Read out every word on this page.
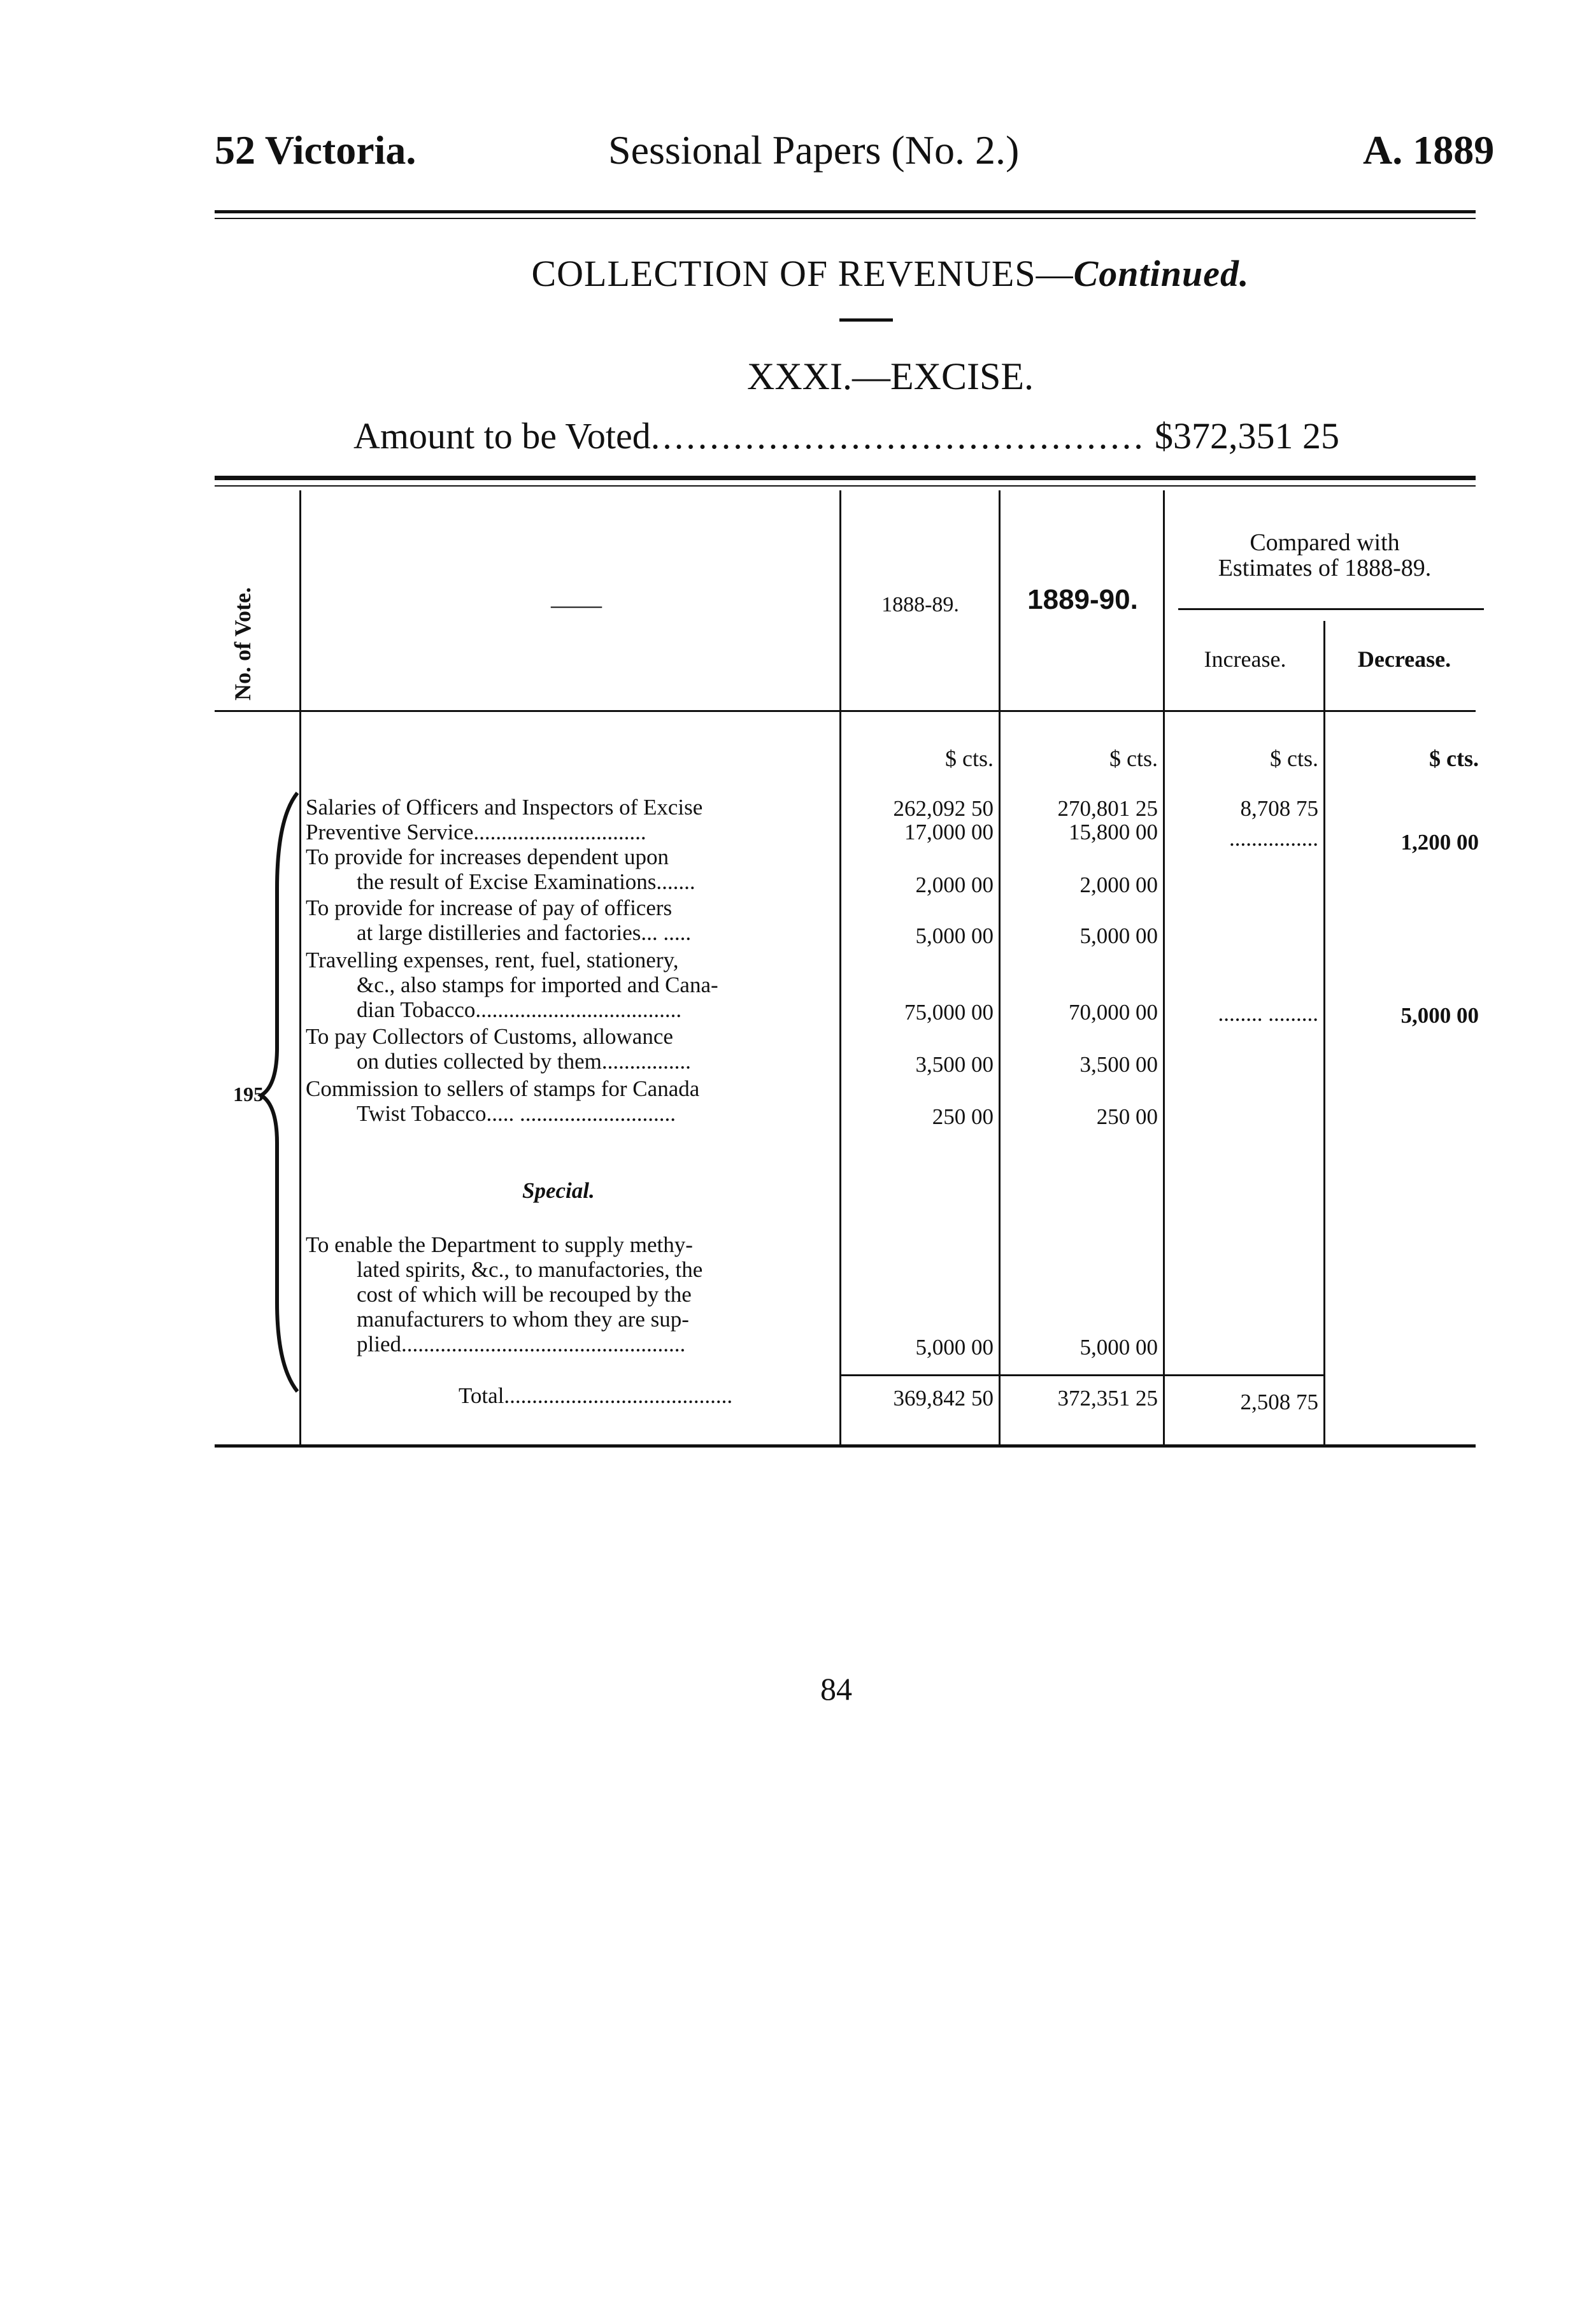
52 Victoria.	Sessional Papers (No. 2.)	A. 1889
COLLECTION OF REVENUES—Continued.
XXXI.—EXCISE.
Amount to be Voted.......................................... $372,351 25
No. of Vote.	——	1888-89.	1889-90.
Compared with
Estimates of 1888-89.
Increase.	Decrease.
$ cts.	$ cts.	$ cts.	$ cts.
195
Salaries of Officers and Inspectors of Excise	262,092 50	270,801 25	8,708 75
Preventive Service...............................	17,000 00	15,800 00	................	1,200 00
To provide for increases dependent upon
the result of Excise Examinations.......	2,000 00	2,000 00
To provide for increase of pay of officers
at large distilleries and factories... .....	5,000 00	5,000 00
Travelling expenses, rent, fuel, stationery,
&c., also stamps for imported and Cana-
dian Tobacco.....................................	75,000 00	70,000 00	........ .........	5,000 00
To pay Collectors of Customs, allowance
on duties collected by them................	3,500 00	3,500 00
Commission to sellers of stamps for Canada
Twist Tobacco..... ............................	250 00	250 00
Special.
To enable the Department to supply methy-
lated spirits, &c., to manufactories, the
cost of which will be recouped by the
manufacturers to whom they are sup-
plied...................................................	5,000 00	5,000 00
Total.........................................	369,842 50	372,351 25	2,508 75
84
